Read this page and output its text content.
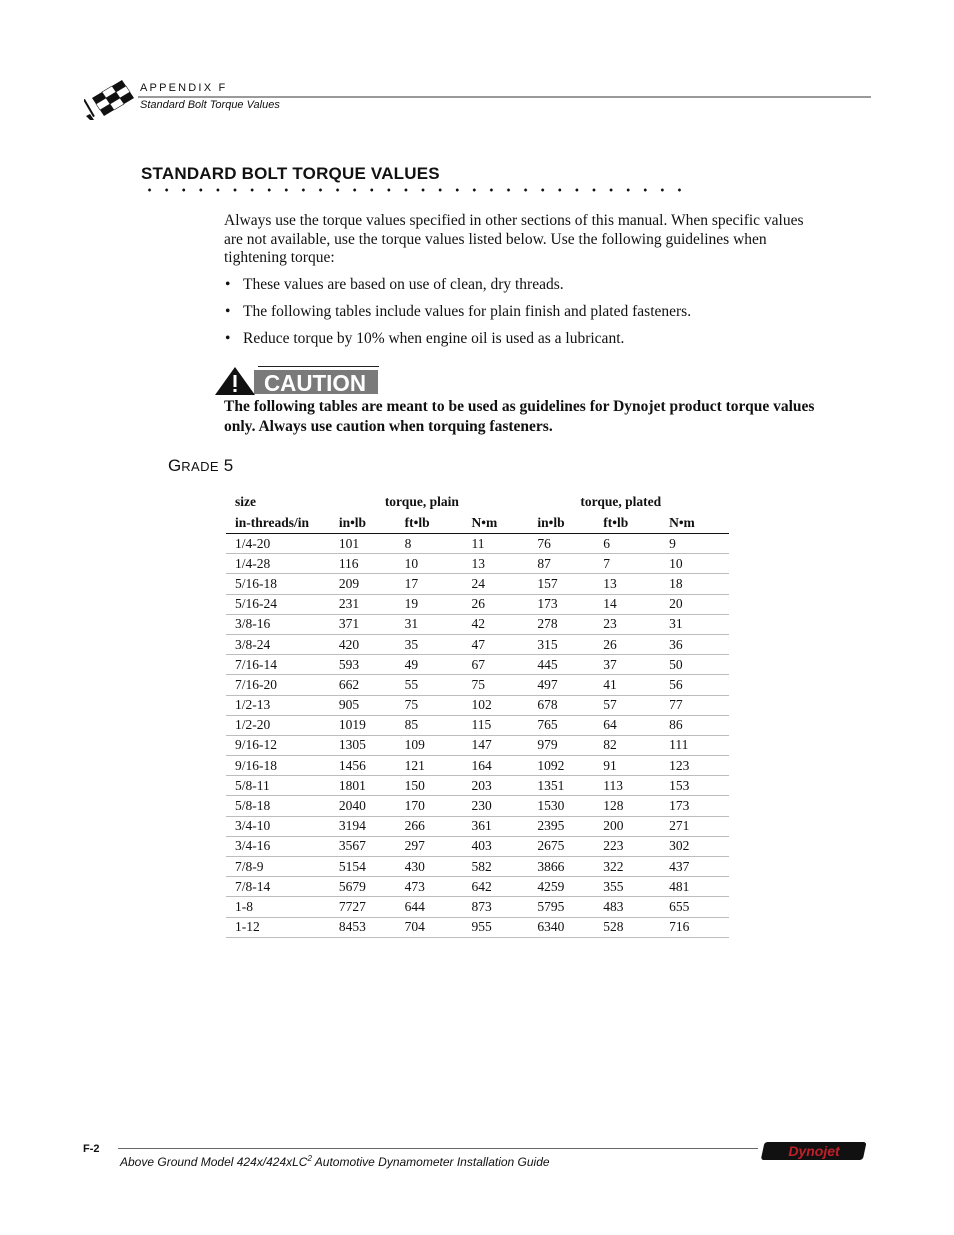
APPENDIX F
Standard Bolt Torque Values
STANDARD BOLT TORQUE VALUES

Always use the torque values specified in other sections of this manual. When specific values are not available, use the torque values listed below. Use the following guidelines when tightening torque:

• These values are based on use of clean, dry threads.
• The following tables include values for plain finish and plated fasteners.
• Reduce torque by 10% when engine oil is used as a lubricant.
CAUTION

The following tables are meant to be used as guidelines for Dynojet product torque values only. Always use caution when torquing fasteners.

GRADE 5
size	torque, plain			torque, plated		
in-threads/in	in•lb	ft•lb	N•m	in•lb	ft•lb	N•m
1/4-20	101	8	11	76	6	9
1/4-28	116	10	13	87	7	10
5/16-18	209	17	24	157	13	18
5/16-24	231	19	26	173	14	20
3/8-16	371	31	42	278	23	31
3/8-24	420	35	47	315	26	36
7/16-14	593	49	67	445	37	50
7/16-20	662	55	75	497	41	56
1/2-13	905	75	102	678	57	77
1/2-20	1019	85	115	765	64	86
9/16-12	1305	109	147	979	82	111
9/16-18	1456	121	164	1092	91	123
5/8-11	1801	150	203	1351	113	153
5/8-18	2040	170	230	1530	128	173
3/4-10	3194	266	361	2395	200	271
3/4-16	3567	297	403	2675	223	302
7/8-9	5154	430	582	3866	322	437
7/8-14	5679	473	642	4259	355	481
1-8	7727	644	873	5795	483	655
1-12	8453	704	955	6340	528	716
F-2
Above Ground Model 424x/424xLC$^2$ Automotive Dynamometer Installation Guide
Dynojet
